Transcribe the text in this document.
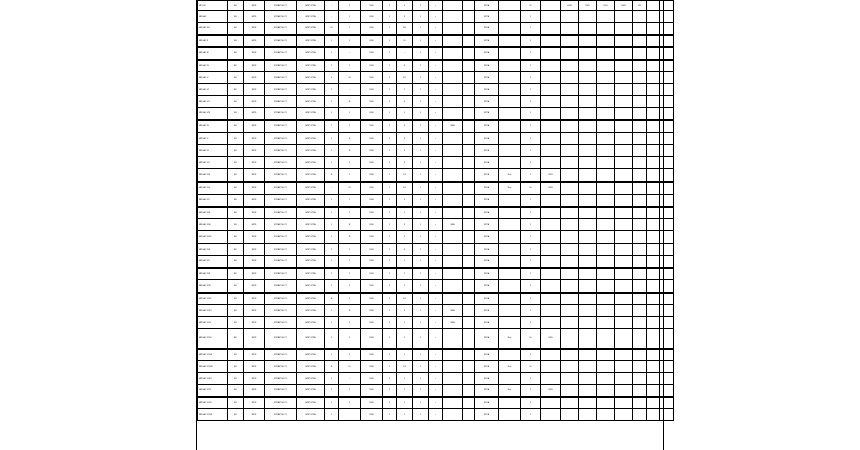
MPOJ/I	ED	IMT8	STPA/POLICY	WSP STPA	–	1	5/9/6	1	4	1	•			STPA		19		4/5/8	5/0/5	5/1/5	5/0/5	ZR		
MROAC	ED	IMT8	STPA/POLICY	WSP STPA	–	1	5/9/6	1	3	1	•			STPA		1								
MROAC SS	ED	IMT8	STPA/POLICY	WSP STPA	19	1	5/9/6	1	3/0	1	•			STPA		1								
MROAC II	ED	IMT8	STPA/POLICY	WSP STPA	1	1	5/9/6	1	10	1	•			STPA		1								
MROAC III	ED	IMT8	STPA/POLICY	WSP STPA	1	–	5/9/6	1	–	1	•			STPA		1								
MROAC IV	ED	IMT8	STPA/POLICY	WSP STPA	1	1	5/9/6	1	3	1	•			STPA		1								
MROAC V	ED	IMT8	STPA/POLICY	WSP STPA	4	16	5/9/6	1	1/5	1	•			STPA		1								
MROAC VI	ED	IMT8	STPA/POLICY	WSP STPA	1	–	5/9/6	1	1	1	•			STPA		1								
MROAC VII	ED	IMT8	STPA/POLICY	WSP STPA	1	11	5/9/6	1	3	1	•			STPA		1								
MROAC VIII	ED	IMT8	STPA/POLICY	WSP STPA	1	1	5/9/6	1	1	1	•			STPA		1								
MROAC IX	ED	IMT8	STPA/POLICY	WSP STPA	7	1	5/9/6	1	3	1	•	SRA		STPA		1								
MROAC X	ED	IMT8	STPA/POLICY	WSP STPA	1	11	5/9/6	1	3	1	•			STPA		1								
MROAC XI	ED	IMT8	STPA/POLICY	WSP STPA	1	11	5/9/6	1	3	1	•			STPA		1								
MROAC XII	ED	IMT8	STPA/POLICY	WSP STPA	1	1	5/9/6	1	3	1	•			STPA		1								
MROAC XIII	ED	IMT8	STPA/POLICY	WSP STPA	11	1	5/9/6	1	1/1	1	•			STPA	Rus	1	5/9/5							
MROAC XIV	ED	IMT8	STPA/POLICY	WSP STPA	–	19	5/9/6	1	1/1	1	•			STPA	Rus	10	5/9/5							
MROAC XV	ED	IMT8	STPA/POLICY	WSP STPA	1	1	5/9/6	1	3	1	•			STPA		1								
MROAC XVI	ED	IMT8	STPA/POLICY	WSP STPA	1	1	5/9/6	1	1	1	•			STPA		1								
MROAC XVII	ED	IMT8	STPA/POLICY	WSP STPA	1	11	5/9/6	1	3	1	•	SRA		STPA		1								
MROAC XVIII	ED	IMT8	STPA/POLICY	WSP STPA	1	11	5/9/6	1	3	1	•			STPA		1								
MROAC XIX	ED	IMT8	STPA/POLICY	WSP STPA	1	1	5/9/6	1	3	1	•			STPA		1								
MROAC XX	ED	IMT8	STPA/POLICY	WSP STPA	1	1	5/9/6	1	1	1	•			STPA		1								
MROAC XXI	ED	IMT8	STPA/POLICY	WSP STPA	1	1	5/9/6	1	1	1	•			STPA		1								
MROAC XXII	ED	IMT8	STPA/POLICY	WSP STPA	1	1	5/9/6	1	1	1	•			STPA		1								
MROAC XXIII	ED	IMT8	STPA/POLICY	WSP STPA	11	1	5/9/6	1	1/1	1	•			STPA		1								
MROAC XXIV	ED	IMT8	STPA/POLICY	WSP STPA	1	11	5/9/6	1	3	1	•	SRA		STPA		1								
MROAC XXV	ED	IMT8	STPA/POLICY	WSP STPA	1	1	5/9/6	1	1	1	•	SRA		STPA		1								
MROAC XXVI	ED	IMT8	STPA/POLICY	WSP STPA	1	1	5/9/6	1	1	1	•			STPA	Rus	10	5/9/5							
MROAC XXVII	ED	IMT8	STPA/POLICY	WSP STPA	1	1	5/9/6	1	1	1	•			STPA		1								
MROAC XXVIII	ED	IMT8	STPA/POLICY	WSP STPA	11	19	5/9/6	1	1/1	1	•			STPA	Rus	10								
MROAC XXIX	ED	IMT8	STPA/POLICY	WSP STPA	1	–	5/9/6	1	1	1	•			STPA		1								
MROAC XXX	ED	IMT8	STPA/POLICY	WSP STPA	1	1	5/9/6	1	1	1	•			STPA	Rus	1	5/9/5							
MROAC XXXI	ED	IMT8	STPA/POLICY	WSP STPA	1	1	5/9/6	1	1	1	•			STPA		1								
MROAC XXXII	ED	IMT8	STPA/POLICY	WSP STPA	1		5/9/6	1	1	1	•			STPA		1								
